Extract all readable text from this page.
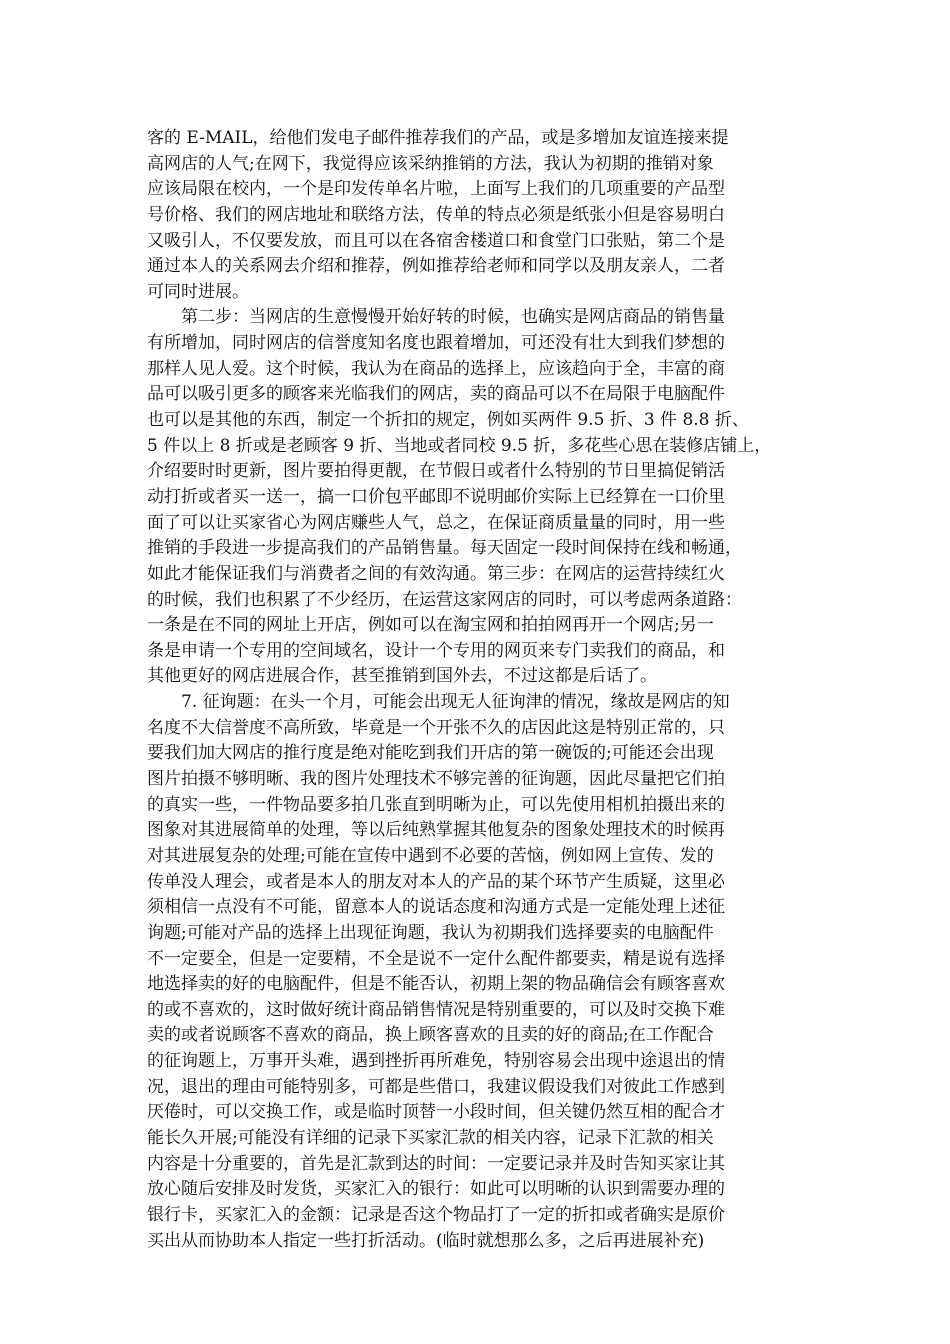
客的 E-MAIL，给他们发电子邮件推荐我们的产品，或是多增加友谊连接来提
高网店的人气;在网下，我觉得应该采纳推销的方法，我认为初期的推销对象
应该局限在校内，一个是印发传单名片啦，上面写上我们的几项重要的产品型
号价格、我们的网店地址和联络方法，传单的特点必须是纸张小但是容易明白
又吸引人，不仅要发放，而且可以在各宿舍楼道口和食堂门口张贴，第二个是
通过本人的关系网去介绍和推荐，例如推荐给老师和同学以及朋友亲人，二者
可同时进展。
第二步：当网店的生意慢慢开始好转的时候，也确实是网店商品的销售量
有所增加，同时网店的信誉度知名度也跟着增加，可还没有壮大到我们梦想的
那样人见人爱。这个时候，我认为在商品的选择上，应该趋向于全，丰富的商
品可以吸引更多的顾客来光临我们的网店，卖的商品可以不在局限于电脑配件
也可以是其他的东西，制定一个折扣的规定，例如买两件 9.5 折、3 件 8.8 折、
5 件以上 8 折或是老顾客 9 折、当地或者同校 9.5 折，多花些心思在装修店铺上，
介绍要时时更新，图片要拍得更靓，在节假日或者什么特别的节日里搞促销活
动打折或者买一送一，搞一口价包平邮即不说明邮价实际上已经算在一口价里
面了可以让买家省心为网店赚些人气，总之，在保证商质量量的同时，用一些
推销的手段进一步提高我们的产品销售量。每天固定一段时间保持在线和畅通，
如此才能保证我们与消费者之间的有效沟通。第三步：在网店的运营持续红火
的时候，我们也积累了不少经历，在运营这家网店的同时，可以考虑两条道路：
一条是在不同的网址上开店，例如可以在淘宝网和拍拍网再开一个网店;另一
条是申请一个专用的空间域名，设计一个专用的网页来专门卖我们的商品，和
其他更好的网店进展合作，甚至推销到国外去，不过这都是后话了。
7. 征询题：在头一个月，可能会出现无人征询津的情况，缘故是网店的知
名度不大信誉度不高所致，毕竟是一个开张不久的店因此这是特别正常的，只
要我们加大网店的推行度是绝对能吃到我们开店的第一碗饭的;可能还会出现
图片拍摄不够明晰、我的图片处理技术不够完善的征询题，因此尽量把它们拍
的真实一些，一件物品要多拍几张直到明晰为止，可以先使用相机拍摄出来的
图象对其进展简单的处理，等以后纯熟掌握其他复杂的图象处理技术的时候再
对其进展复杂的处理;可能在宣传中遇到不必要的苦恼，例如网上宣传、发的
传单没人理会，或者是本人的朋友对本人的产品的某个环节产生质疑，这里必
须相信一点没有不可能，留意本人的说话态度和沟通方式是一定能处理上述征
询题;可能对产品的选择上出现征询题，我认为初期我们选择要卖的电脑配件
不一定要全，但是一定要精，不全是说不一定什么配件都要卖，精是说有选择
地选择卖的好的电脑配件，但是不能否认，初期上架的物品确信会有顾客喜欢
的或不喜欢的，这时做好统计商品销售情况是特别重要的，可以及时交换下难
卖的或者说顾客不喜欢的商品，换上顾客喜欢的且卖的好的商品;在工作配合
的征询题上，万事开头难，遇到挫折再所难免，特别容易会出现中途退出的情
况，退出的理由可能特别多，可都是些借口，我建议假设我们对彼此工作感到
厌倦时，可以交换工作，或是临时顶替一小段时间，但关键仍然互相的配合才
能长久开展;可能没有详细的记录下买家汇款的相关内容，记录下汇款的相关
内容是十分重要的，首先是汇款到达的时间：一定要记录并及时告知买家让其
放心随后安排及时发货，买家汇入的银行：如此可以明晰的认识到需要办理的
银行卡，买家汇入的金额：记录是否这个物品打了一定的折扣或者确实是原价
买出从而协助本人指定一些打折活动。(临时就想那么多，之后再进展补充)
